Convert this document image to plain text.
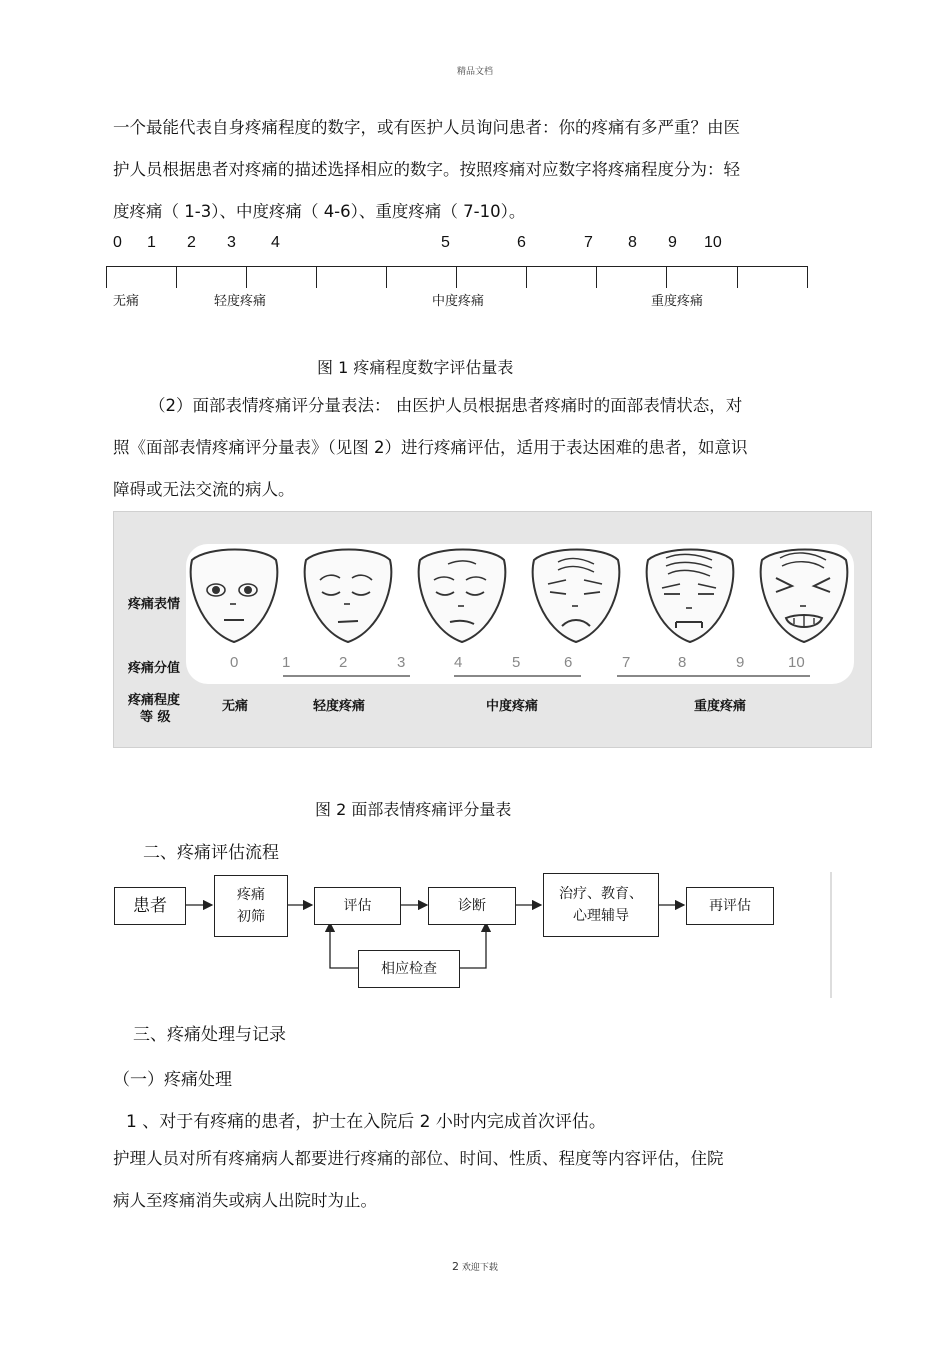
精品文档
一个最能代表自身疼痛程度的数字，或有医护人员询问患者：你的疼痛有多严重？由医
护人员根据患者对疼痛的描述选择相应的数字。按照疼痛对应数字将疼痛程度分为：轻
度疼痛（ 1-3）、中度疼痛（ 4-6）、重度疼痛（ 7-10）。
0 1 2 3 4	5	6	7 8 9 10
无痛	轻度疼痛	中度疼痛	重度疼痛
图 1 疼痛程度数字评估量表
（2）面部表情疼痛评分量表法： 由医护人员根据患者疼痛时的面部表情状态，对
照《面部表情疼痛评分量表》（见图 2）进行疼痛评估，适用于表达困难的患者，如意识
障碍或无法交流的病人。
疼痛表情
疼痛分值
疼痛程度
等 级
0	1	2	3	4	5	6	7	8	9	10
无痛	轻度疼痛	中度疼痛	重度疼痛
图 2 面部表情疼痛评分量表
二、疼痛评估流程
患者
疼痛
初筛
评估	诊断
治疗、教育、
心理辅导
再评估
相应检查
三、疼痛处理与记录
（一）疼痛处理
1 、对于有疼痛的患者，护士在入院后 2 小时内完成首次评估。
护理人员对所有疼痛病人都要进行疼痛的部位、时间、性质、程度等内容评估，住院
病人至疼痛消失或病人出院时为止。
2 欢迎下载
